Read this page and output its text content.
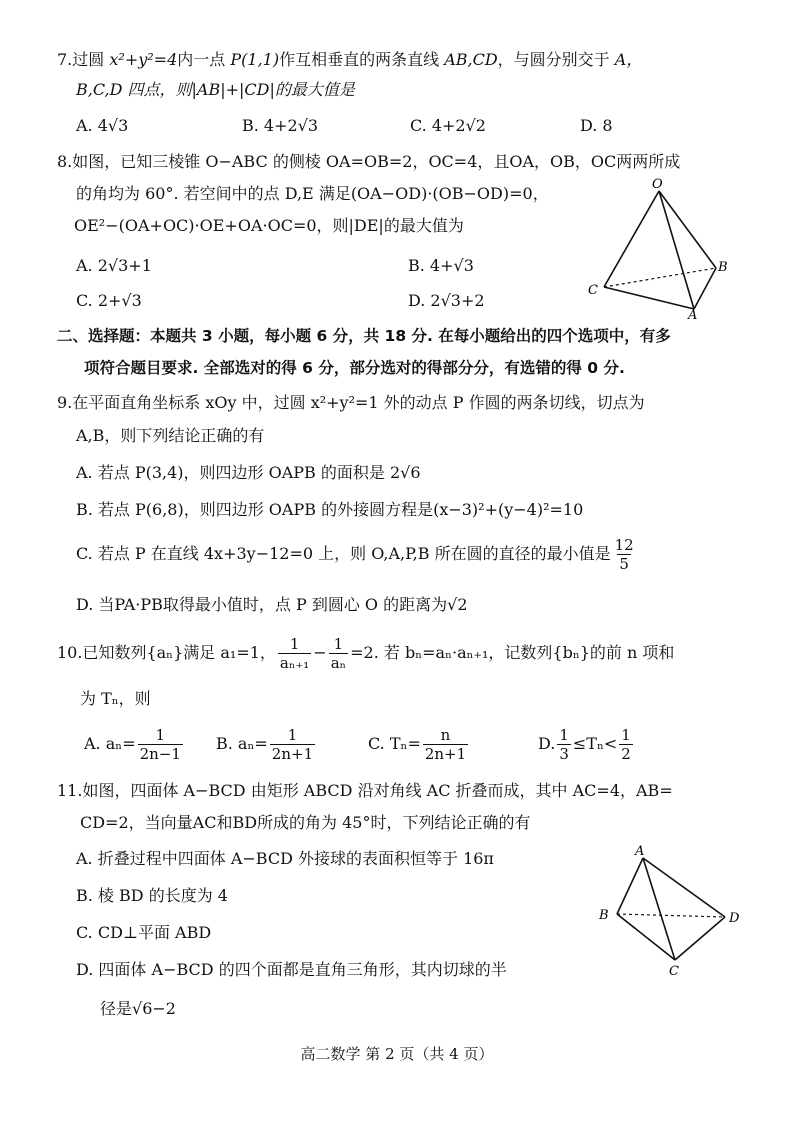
7.过圆 x²+y²=4内一点 P(1,1)作互相垂直的两条直线 AB,CD，与圆分别交于 A，
B,C,D 四点，则|AB|+|CD|的最大值是
A. 4√3	B. 4+2√3	C. 4+2√2	D. 8
8.如图，已知三棱锥 O−ABC 的侧棱 OA=OB=2，OC=4，且OA，OB，OC两两所成
的角均为 60°. 若空间中的点 D,E 满足(OA−OD)·(OB−OD)=0，
OE²−(OA+OC)·OE+OA·OC=0，则|DE|的最大值为
A. 2√3+1	B. 4+√3
C. 2+√3	D. 2√3+2
O
B
C
A
二、选择题：本题共 3 小题，每小题 6 分，共 18 分. 在每小题给出的四个选项中，有多
项符合题目要求. 全部选对的得 6 分，部分选对的得部分分，有选错的得 0 分.
9.在平面直角坐标系 xOy 中，过圆 x²+y²=1 外的动点 P 作圆的两条切线，切点为
A,B，则下列结论正确的有
A. 若点 P(3,4)，则四边形 OAPB 的面积是 2√6
B. 若点 P(6,8)，则四边形 OAPB 的外接圆方程是(x−3)²+(y−4)²=10
C. 若点 P 在直线 4x+3y−12=0 上，则 O,A,P,B 所在圆的直径的最小值是 $\frac{12}{5}$
D. 当PA·PB取得最小值时，点 P 到圆心 O 的距离为√2
10.已知数列{aₙ}满足 a₁=1， $\frac{1}{\text{aₙ₊₁}} - \frac{1}{\text{aₙ}} =2$. 若 bₙ=aₙ·aₙ₊₁，记数列{bₙ}的前 n 项和
为 Tₙ，则
A. $a_n= \frac{1}{2n-1} B$. $a_n= \frac{1}{2n+1}$	C. $T_n= \frac{n}{2n+1}$	D. $\frac{1}{3} \le T_n< \frac{1}{2}$
11.如图，四面体 A−BCD 由矩形 ABCD 沿对角线 AC 折叠而成，其中 AC=4，AB=
CD=2，当向量AC和BD所成的角为 45°时，下列结论正确的有
A. 折叠过程中四面体 A−BCD 外接球的表面积恒等于 16π
B. 棱 BD 的长度为 4
C. CD⊥平面 ABD
D. 四面体 A−BCD 的四个面都是直角三角形，其内切球的半
径是√6−2
A
B
C
D
高二数学 第 2 页（共 4 页）
